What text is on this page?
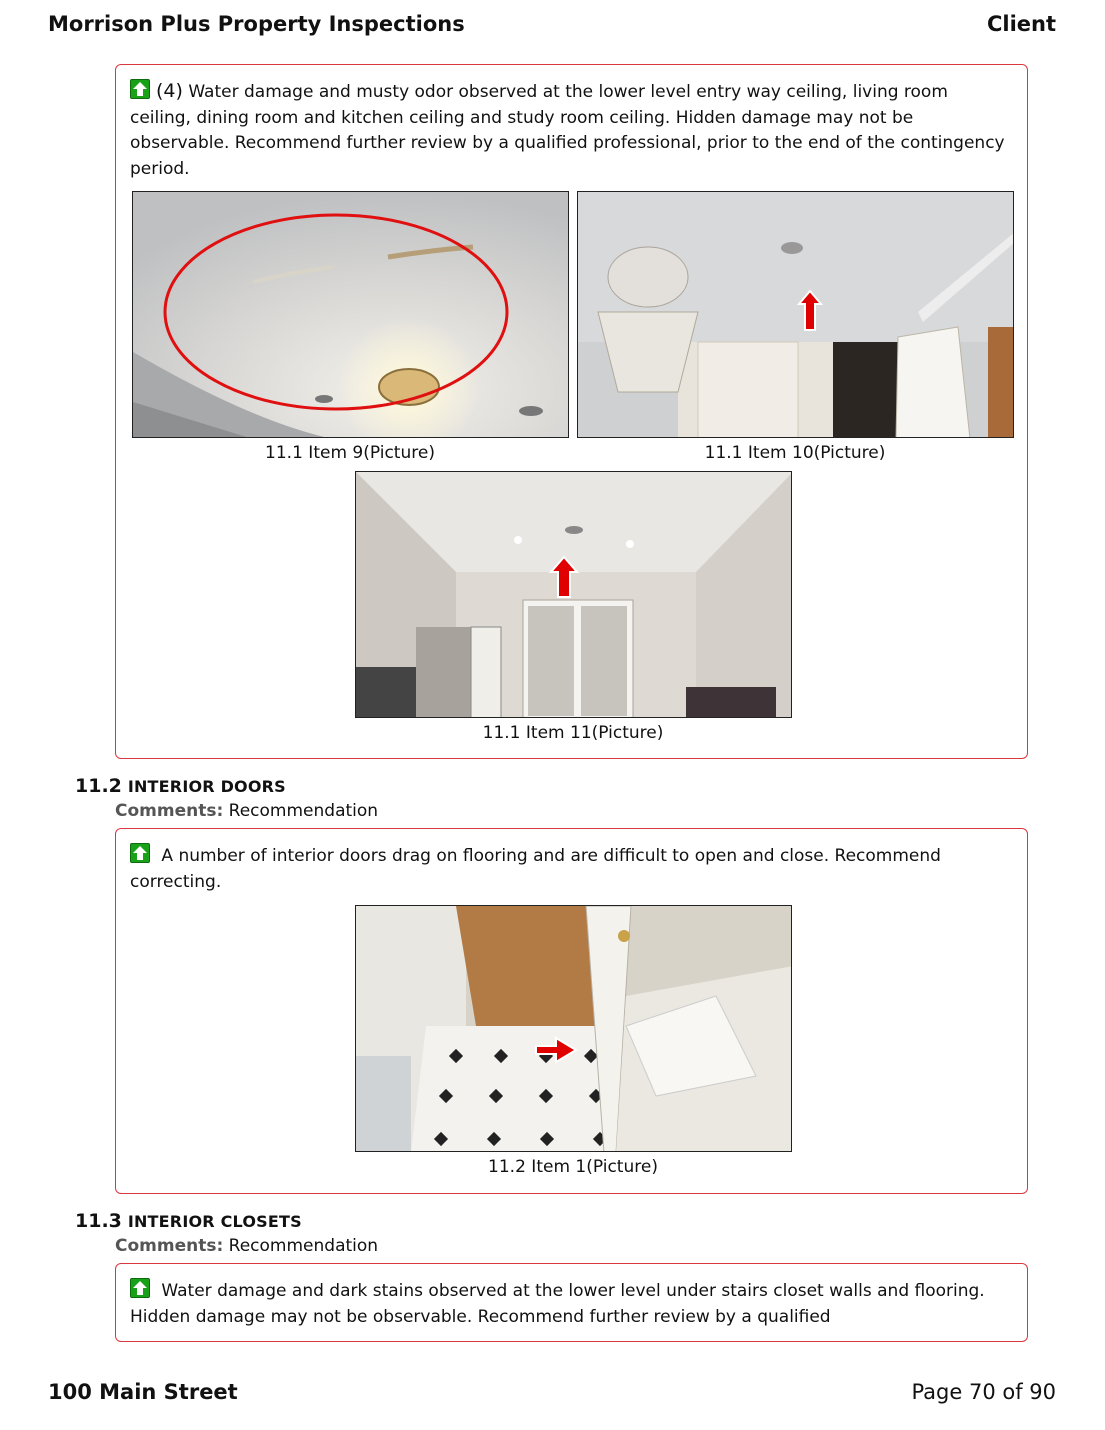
Morrison Plus Property Inspections	Client
(4) Water damage and musty odor observed at the lower level entry way ceiling, living room ceiling, dining room and kitchen ceiling and study room ceiling. Hidden damage may not be observable. Recommend further review by a qualified professional, prior to the end of the contingency period.
11.1 Item 9(Picture)	11.1 Item 10(Picture)
11.1 Item 11(Picture)
11.2 INTERIOR DOORS
Comments: Recommendation
A number of interior doors drag on flooring and are difficult to open and close. Recommend correcting.
11.2 Item 1(Picture)
11.3 INTERIOR CLOSETS
Comments: Recommendation
Water damage and dark stains observed at the lower level under stairs closet walls and flooring. Hidden damage may not be observable. Recommend further review by a qualified
100 Main Street	Page 70 of 90
